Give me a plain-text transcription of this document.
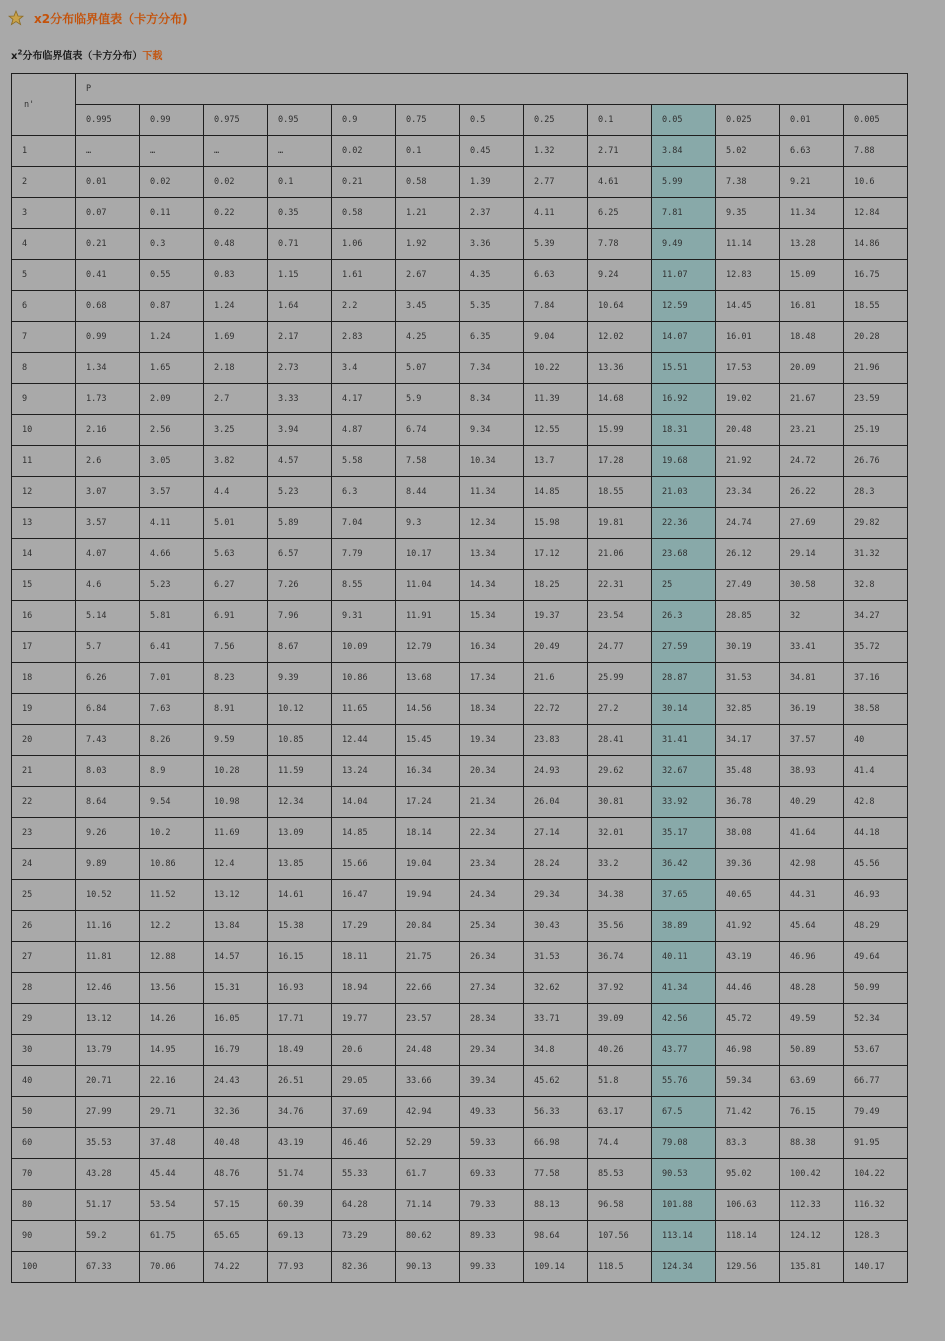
x2分布临界值表（卡方分布)
$x^2$分布临界值表（卡方分布）下载
n'	P												
	0.995	0.99	0.975	0.95	0.9	0.75	0.5	0.25	0.1	0.05	0.025	0.01	0.005
1	…	…	…	…	0.02	0.1	0.45	1.32	2.71	3.84	5.02	6.63	7.88
2	0.01	0.02	0.02	0.1	0.21	0.58	1.39	2.77	4.61	5.99	7.38	9.21	10.6
3	0.07	0.11	0.22	0.35	0.58	1.21	2.37	4.11	6.25	7.81	9.35	11.34	12.84
4	0.21	0.3	0.48	0.71	1.06	1.92	3.36	5.39	7.78	9.49	11.14	13.28	14.86
5	0.41	0.55	0.83	1.15	1.61	2.67	4.35	6.63	9.24	11.07	12.83	15.09	16.75
6	0.68	0.87	1.24	1.64	2.2	3.45	5.35	7.84	10.64	12.59	14.45	16.81	18.55
7	0.99	1.24	1.69	2.17	2.83	4.25	6.35	9.04	12.02	14.07	16.01	18.48	20.28
8	1.34	1.65	2.18	2.73	3.4	5.07	7.34	10.22	13.36	15.51	17.53	20.09	21.96
9	1.73	2.09	2.7	3.33	4.17	5.9	8.34	11.39	14.68	16.92	19.02	21.67	23.59
10	2.16	2.56	3.25	3.94	4.87	6.74	9.34	12.55	15.99	18.31	20.48	23.21	25.19
11	2.6	3.05	3.82	4.57	5.58	7.58	10.34	13.7	17.28	19.68	21.92	24.72	26.76
12	3.07	3.57	4.4	5.23	6.3	8.44	11.34	14.85	18.55	21.03	23.34	26.22	28.3
13	3.57	4.11	5.01	5.89	7.04	9.3	12.34	15.98	19.81	22.36	24.74	27.69	29.82
14	4.07	4.66	5.63	6.57	7.79	10.17	13.34	17.12	21.06	23.68	26.12	29.14	31.32
15	4.6	5.23	6.27	7.26	8.55	11.04	14.34	18.25	22.31	25	27.49	30.58	32.8
16	5.14	5.81	6.91	7.96	9.31	11.91	15.34	19.37	23.54	26.3	28.85	32	34.27
17	5.7	6.41	7.56	8.67	10.09	12.79	16.34	20.49	24.77	27.59	30.19	33.41	35.72
18	6.26	7.01	8.23	9.39	10.86	13.68	17.34	21.6	25.99	28.87	31.53	34.81	37.16
19	6.84	7.63	8.91	10.12	11.65	14.56	18.34	22.72	27.2	30.14	32.85	36.19	38.58
20	7.43	8.26	9.59	10.85	12.44	15.45	19.34	23.83	28.41	31.41	34.17	37.57	40
21	8.03	8.9	10.28	11.59	13.24	16.34	20.34	24.93	29.62	32.67	35.48	38.93	41.4
22	8.64	9.54	10.98	12.34	14.04	17.24	21.34	26.04	30.81	33.92	36.78	40.29	42.8
23	9.26	10.2	11.69	13.09	14.85	18.14	22.34	27.14	32.01	35.17	38.08	41.64	44.18
24	9.89	10.86	12.4	13.85	15.66	19.04	23.34	28.24	33.2	36.42	39.36	42.98	45.56
25	10.52	11.52	13.12	14.61	16.47	19.94	24.34	29.34	34.38	37.65	40.65	44.31	46.93
26	11.16	12.2	13.84	15.38	17.29	20.84	25.34	30.43	35.56	38.89	41.92	45.64	48.29
27	11.81	12.88	14.57	16.15	18.11	21.75	26.34	31.53	36.74	40.11	43.19	46.96	49.64
28	12.46	13.56	15.31	16.93	18.94	22.66	27.34	32.62	37.92	41.34	44.46	48.28	50.99
29	13.12	14.26	16.05	17.71	19.77	23.57	28.34	33.71	39.09	42.56	45.72	49.59	52.34
30	13.79	14.95	16.79	18.49	20.6	24.48	29.34	34.8	40.26	43.77	46.98	50.89	53.67
40	20.71	22.16	24.43	26.51	29.05	33.66	39.34	45.62	51.8	55.76	59.34	63.69	66.77
50	27.99	29.71	32.36	34.76	37.69	42.94	49.33	56.33	63.17	67.5	71.42	76.15	79.49
60	35.53	37.48	40.48	43.19	46.46	52.29	59.33	66.98	74.4	79.08	83.3	88.38	91.95
70	43.28	45.44	48.76	51.74	55.33	61.7	69.33	77.58	85.53	90.53	95.02	100.42	104.22
80	51.17	53.54	57.15	60.39	64.28	71.14	79.33	88.13	96.58	101.88	106.63	112.33	116.32
90	59.2	61.75	65.65	69.13	73.29	80.62	89.33	98.64	107.56	113.14	118.14	124.12	128.3
100	67.33	70.06	74.22	77.93	82.36	90.13	99.33	109.14	118.5	124.34	129.56	135.81	140.17
